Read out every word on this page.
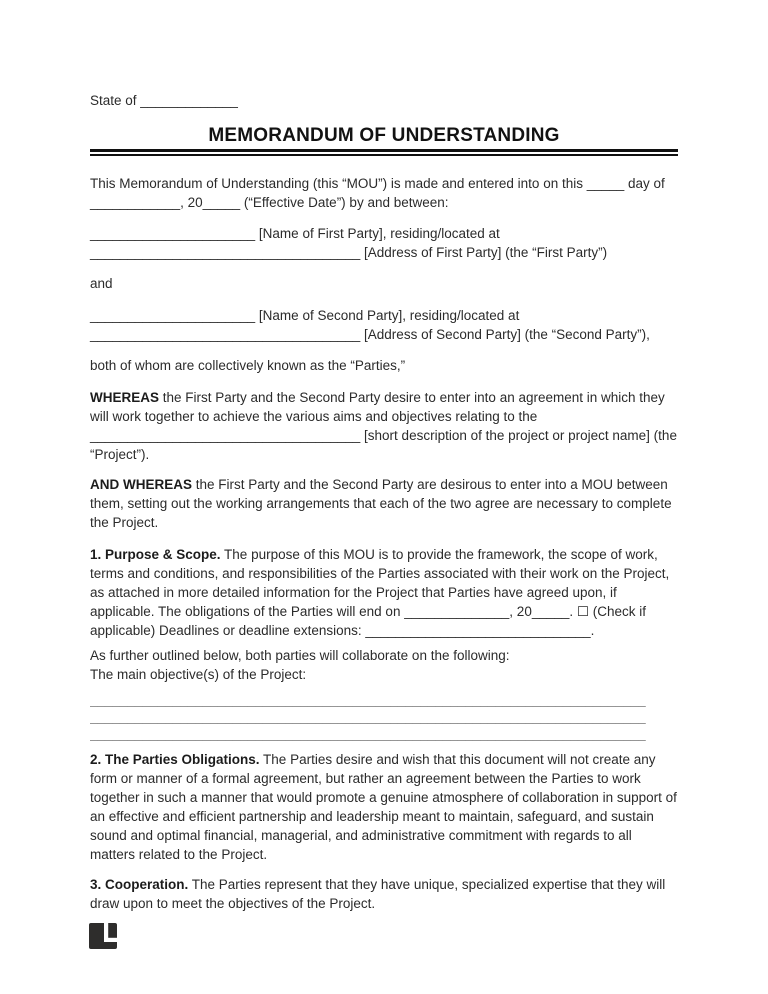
State of _____________
MEMORANDUM OF UNDERSTANDING

This Memorandum of Understanding (this “MOU”) is made and entered into on this _____ day of ____________, 20_____ (“Effective Date”) by and between:

______________________ [Name of First Party], residing/located at
____________________________________ [Address of First Party] (the “First Party”)

and

______________________ [Name of Second Party], residing/located at
____________________________________ [Address of Second Party] (the “Second Party”),

both of whom are collectively known as the “Parties,”

WHEREAS the First Party and the Second Party desire to enter into an agreement in which they will work together to achieve the various aims and objectives relating to the ____________________________________ [short description of the project or project name] (the “Project”).

AND WHEREAS the First Party and the Second Party are desirous to enter into a MOU between them, setting out the working arrangements that each of the two agree are necessary to complete the Project.

1. Purpose & Scope. The purpose of this MOU is to provide the framework, the scope of work, terms and conditions, and responsibilities of the Parties associated with their work on the Project, as attached in more detailed information for the Project that Parties have agreed upon, if applicable. The obligations of the Parties will end on ______________, 20_____. ☐ (Check if applicable) Deadlines or deadline extensions: ______________________________.

As further outlined below, both parties will collaborate on the following:
The main objective(s) of the Project:

__________________________________________________________________________
__________________________________________________________________________
__________________________________________________________________________

2. The Parties Obligations. The Parties desire and wish that this document will not create any form or manner of a formal agreement, but rather an agreement between the Parties to work together in such a manner that would promote a genuine atmosphere of collaboration in support of an effective and efficient partnership and leadership meant to maintain, safeguard, and sustain sound and optimal financial, managerial, and administrative commitment with regards to all matters related to the Project.

3. Cooperation. The Parties represent that they have unique, specialized expertise that they will draw upon to meet the objectives of the Project.
